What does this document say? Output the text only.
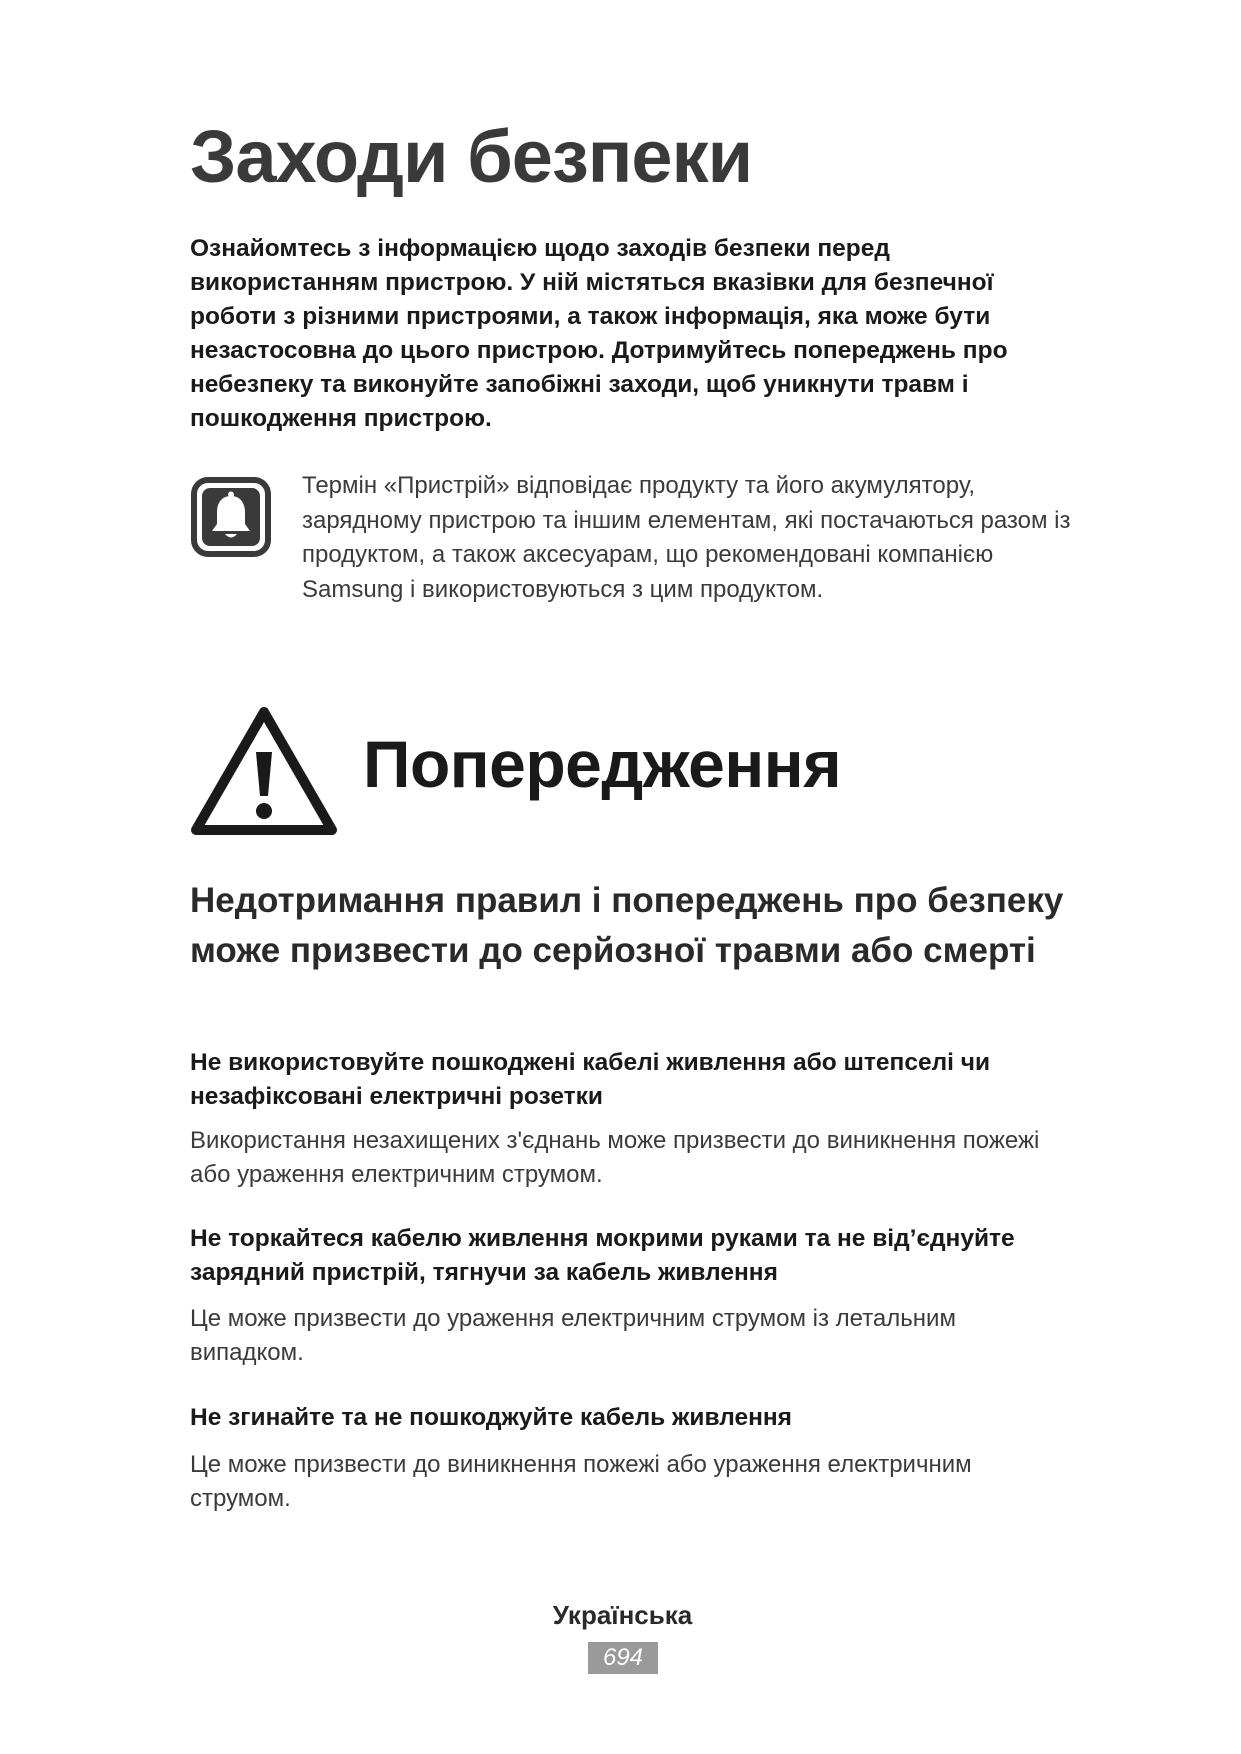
Заходи безпеки

Ознайомтесь з інформацією щодо заходів безпеки перед використанням пристрою. У ній містяться вказівки для безпечної роботи з різними пристроями, а також інформація, яка може бути незастосовна до цього пристрою. Дотримуйтесь попереджень про небезпеку та виконуйте запобіжні заходи, щоб уникнути травм і пошкодження пристрою.

Термін «Пристрій» відповідає продукту та його акумулятору, зарядному пристрою та іншим елементам, які постачаються разом із продуктом, а також аксесуарам, що рекомендовані компанією Samsung і використовуються з цим продуктом.

Попередження
Недотримання правил і попереджень про безпеку може призвести до серйозної травми або смерті

Не використовуйте пошкоджені кабелі живлення або штепселі чи незафіксовані електричні розетки

Використання незахищених з'єднань може призвести до виникнення пожежі або ураження електричним струмом.

Не торкайтеся кабелю живлення мокрими руками та не від’єднуйте зарядний пристрій, тягнучи за кабель живлення

Це може призвести до ураження електричним струмом із летальним випадком.

Не згинайте та не пошкоджуйте кабель живлення

Це може призвести до виникнення пожежі або ураження електричним струмом.

Українська
694
